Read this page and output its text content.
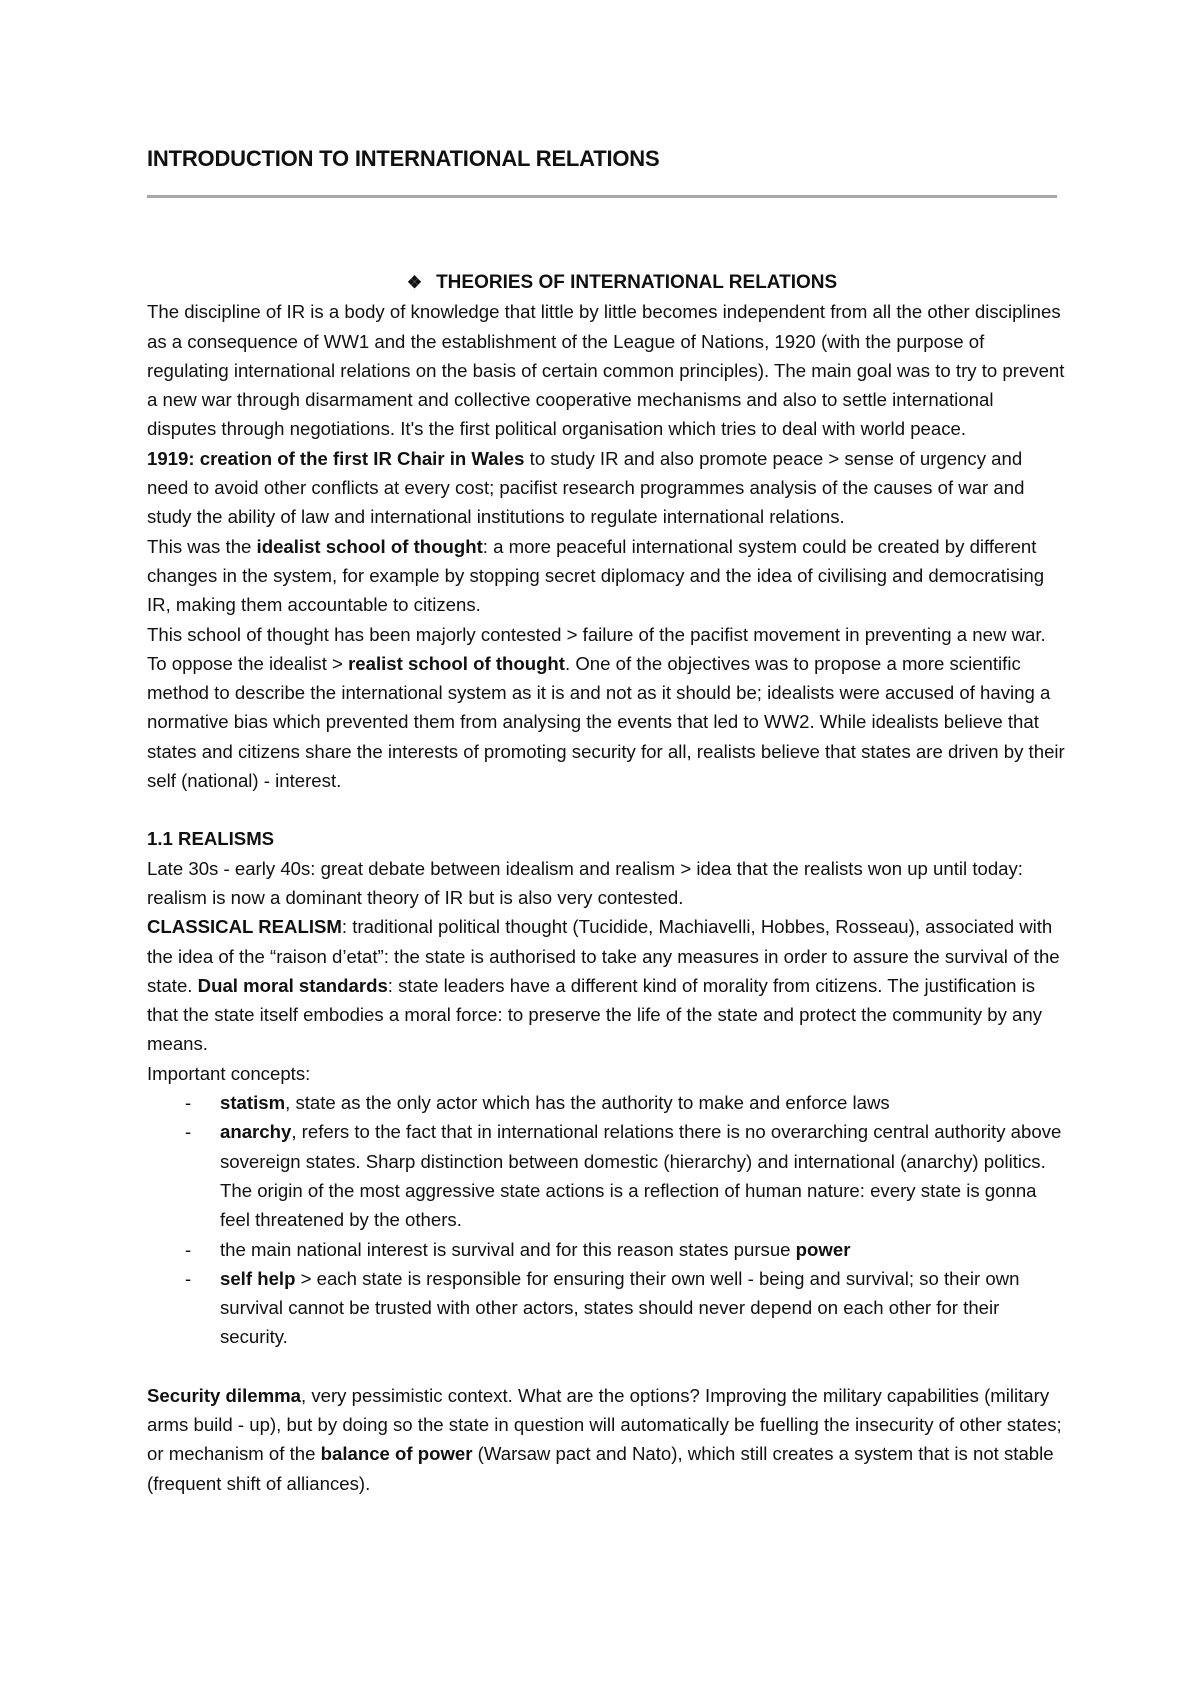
INTRODUCTION TO INTERNATIONAL RELATIONS

❖ THEORIES OF INTERNATIONAL RELATIONS

The discipline of IR is a body of knowledge that little by little becomes independent from all the other disciplines as a consequence of WW1 and the establishment of the League of Nations, 1920 (with the purpose of regulating international relations on the basis of certain common principles). The main goal was to try to prevent a new war through disarmament and collective cooperative mechanisms and also to settle international disputes through negotiations. It's the first political organisation which tries to deal with world peace.

1919: creation of the first IR Chair in Wales to study IR and also promote peace > sense of urgency and need to avoid other conflicts at every cost; pacifist research programmes analysis of the causes of war and study the ability of law and international institutions to regulate international relations.

This was the idealist school of thought: a more peaceful international system could be created by different changes in the system, for example by stopping secret diplomacy and the idea of civilising and democratising IR, making them accountable to citizens.

This school of thought has been majorly contested > failure of the pacifist movement in preventing a new war. To oppose the idealist > realist school of thought. One of the objectives was to propose a more scientific method to describe the international system as it is and not as it should be; idealists were accused of having a normative bias which prevented them from analysing the events that led to WW2. While idealists believe that states and citizens share the interests of promoting security for all, realists believe that states are driven by their self (national) - interest.

1.1 REALISMS

Late 30s - early 40s: great debate between idealism and realism > idea that the realists won up until today: realism is now a dominant theory of IR but is also very contested.

CLASSICAL REALISM: traditional political thought (Tucidide, Machiavelli, Hobbes, Rosseau), associated with the idea of the “raison d’etat”: the state is authorised to take any measures in order to assure the survival of the state. Dual moral standards: state leaders have a different kind of morality from citizens. The justification is that the state itself embodies a moral force: to preserve the life of the state and protect the community by any means.

Important concepts:

- statism, state as the only actor which has the authority to make and enforce laws
- anarchy, refers to the fact that in international relations there is no overarching central authority above sovereign states. Sharp distinction between domestic (hierarchy) and international (anarchy) politics. The origin of the most aggressive state actions is a reflection of human nature: every state is gonna feel threatened by the others.
- the main national interest is survival and for this reason states pursue power
- self help > each state is responsible for ensuring their own well - being and survival; so their own survival cannot be trusted with other actors, states should never depend on each other for their security.

Security dilemma, very pessimistic context. What are the options? Improving the military capabilities (military arms build - up), but by doing so the state in question will automatically be fuelling the insecurity of other states; or mechanism of the balance of power (Warsaw pact and Nato), which still creates a system that is not stable (frequent shift of alliances).
